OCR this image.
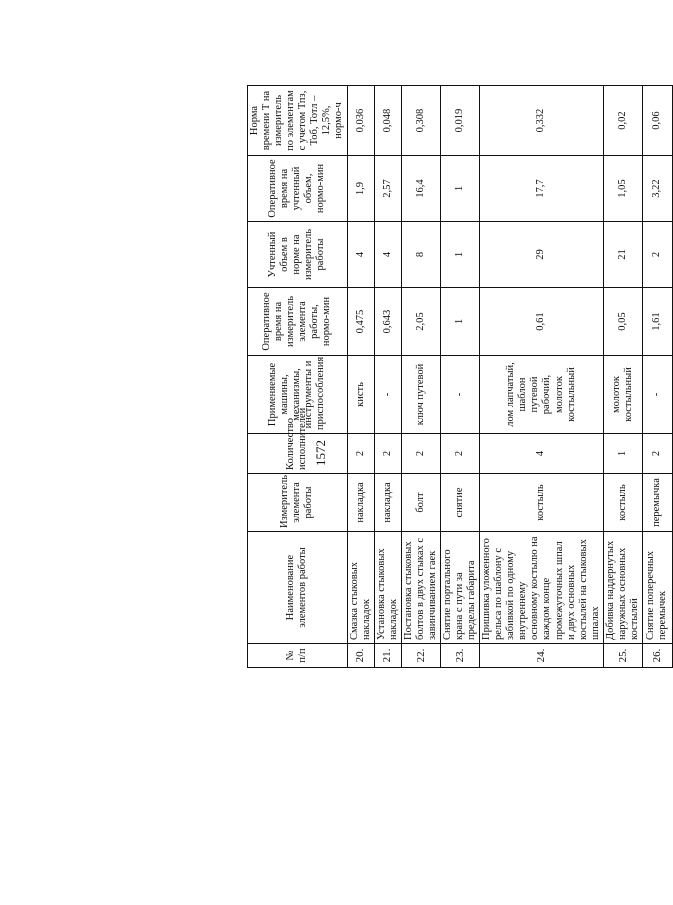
1572
№ п/п	Наименование элементов работы	Измеритель элемента работы	Количество исполнителей	Применяемые машины, механизмы, инструменты и приспособления	Оперативное время на измеритель элемента работы, нормо-мин	Учтенный объем в норме на измеритель работы	Оперативное время на учтенный объем, нормо-мин	Норма времени Т на измеритель по элементам с учетом Тпз, Тоб, Тотл – 12,5%, нормо-ч
20.	Смазка стыковых накладок	накладка	2	кисть	0,475	4	1,9	0,036
21.	Установка стыковых накладок	накладка	2	-	0,643	4	2,57	0,048
22.	Постановка стыковых болтов в двух стыках с завинчиванием гаек	болт	2	ключ путевой	2,05	8	16,4	0,308
23.	Снятие портального крана с пути за пределы габарита	снятие	2	-	1	1	1	0,019
24.	Пришивка уложенного рельса по шаблону с забивкой по одному внутреннему основному костылю на каждом конце промежуточных шпал и двух основных костылей на стыковых шпалах	костыль	4	лом лапчатый, шаблон путевой рабочий, молоток костыльный	0,61	29	17,7	0,332
25.	Добивка наддернутых наружных основных костылей	костыль	1	молоток костыльный	0,05	21	1,05	0,02
26.	Снятие поперечных перемычек	перемычка	2	-	1,61	2	3,22	0,06
